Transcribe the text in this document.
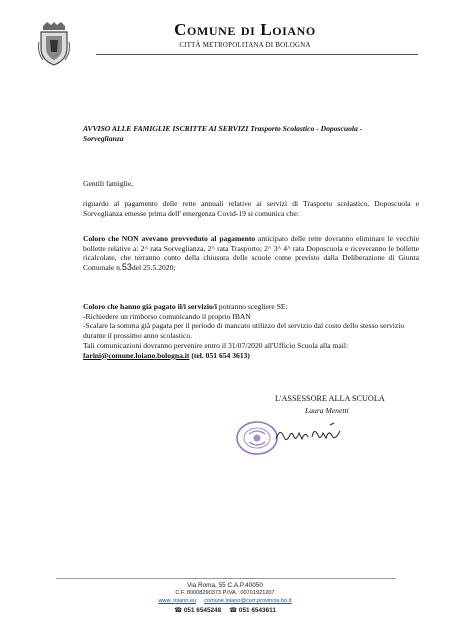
Comune di Loiano
CITTÀ METROPOLITANA DI BOLOGNA
AVVISO ALLE FAMIGLIE ISCRITTE AI SERVIZI Trasporto Scolastico - Doposcuola -
Sorveglianza
Gentili famiglie,
riguardo al pagamento delle rette annuali relative ai servizi di Trasporto scolastico, Doposcuola e Sorveglianza emesse prima dell' emergenza Covid-19 si comunica che:
Coloro che NON avevano provveduto al pagamento anticipato delle rette dovranno eliminare le vecchie bollette relative a: 2^ rata Sorveglianza, 2^ rata Trasporto; 2^ 3^ 4^ rata Doposcuola e riceveranno le bollette ricalcolate, che terranno conto della chiusura delle scuole come previsto dalla Deliberazione di Giunta Comunale n.53del 25.5.2020;
Coloro che hanno già pagato il/i servizio/i potranno scegliere SE:
-Richiedere un rimborso comunicando il proprio IBAN
-Scalare la somma già pagata per il periodo di mancato utilizzo del servizio dal costo dello stesso servizio durante il prossimo anno scolastico.
Tali comunicazioni dovranno pervenire entro il 31/07/2020 all'Ufficio Scuola alla mail:
farini@comune.loiano.bologna.it (tel. 051 654 3613)
L'ASSESSORE ALLA SCUOLA
Laura Menetti
Via Roma, 55 C.A.P.40050
C.F. 80008290373 P.IVA.: 00701921207
www. loiano.eu comune.loiano@cert.provincia.bo.it
☎ 051 6545248 ☎ 051 6543611
